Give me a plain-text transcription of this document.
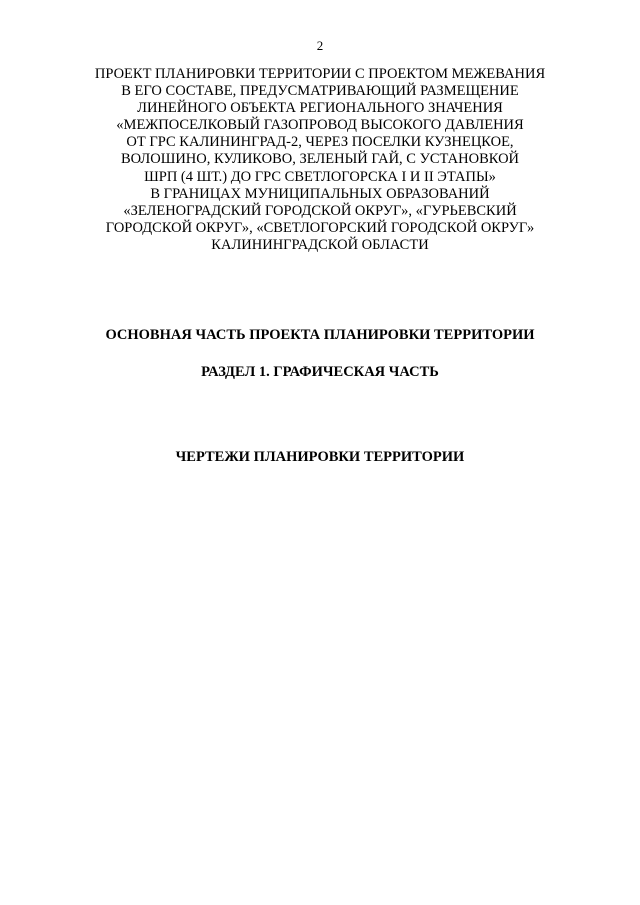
2
ПРОЕКТ ПЛАНИРОВКИ ТЕРРИТОРИИ С ПРОЕКТОМ МЕЖЕВАНИЯ
В ЕГО СОСТАВЕ, ПРЕДУСМАТРИВАЮЩИЙ РАЗМЕЩЕНИЕ
ЛИНЕЙНОГО ОБЪЕКТА РЕГИОНАЛЬНОГО ЗНАЧЕНИЯ
«МЕЖПОСЕЛКОВЫЙ ГАЗОПРОВОД ВЫСОКОГО ДАВЛЕНИЯ
ОТ ГРС КАЛИНИНГРАД-2, ЧЕРЕЗ ПОСЕЛКИ КУЗНЕЦКОЕ,
ВОЛОШИНО, КУЛИКОВО, ЗЕЛЕНЫЙ ГАЙ, С УСТАНОВКОЙ
ШРП (4 ШТ.) ДО ГРС СВЕТЛОГОРСКА I И II ЭТАПЫ»
В ГРАНИЦАХ МУНИЦИПАЛЬНЫХ ОБРАЗОВАНИЙ
«ЗЕЛЕНОГРАДСКИЙ ГОРОДСКОЙ ОКРУГ», «ГУРЬЕВСКИЙ
ГОРОДСКОЙ ОКРУГ», «СВЕТЛОГОРСКИЙ ГОРОДСКОЙ ОКРУГ»
КАЛИНИНГРАДСКОЙ ОБЛАСТИ
ОСНОВНАЯ ЧАСТЬ ПРОЕКТА ПЛАНИРОВКИ ТЕРРИТОРИИ
РАЗДЕЛ 1. ГРАФИЧЕСКАЯ ЧАСТЬ
ЧЕРТЕЖИ ПЛАНИРОВКИ ТЕРРИТОРИИ
